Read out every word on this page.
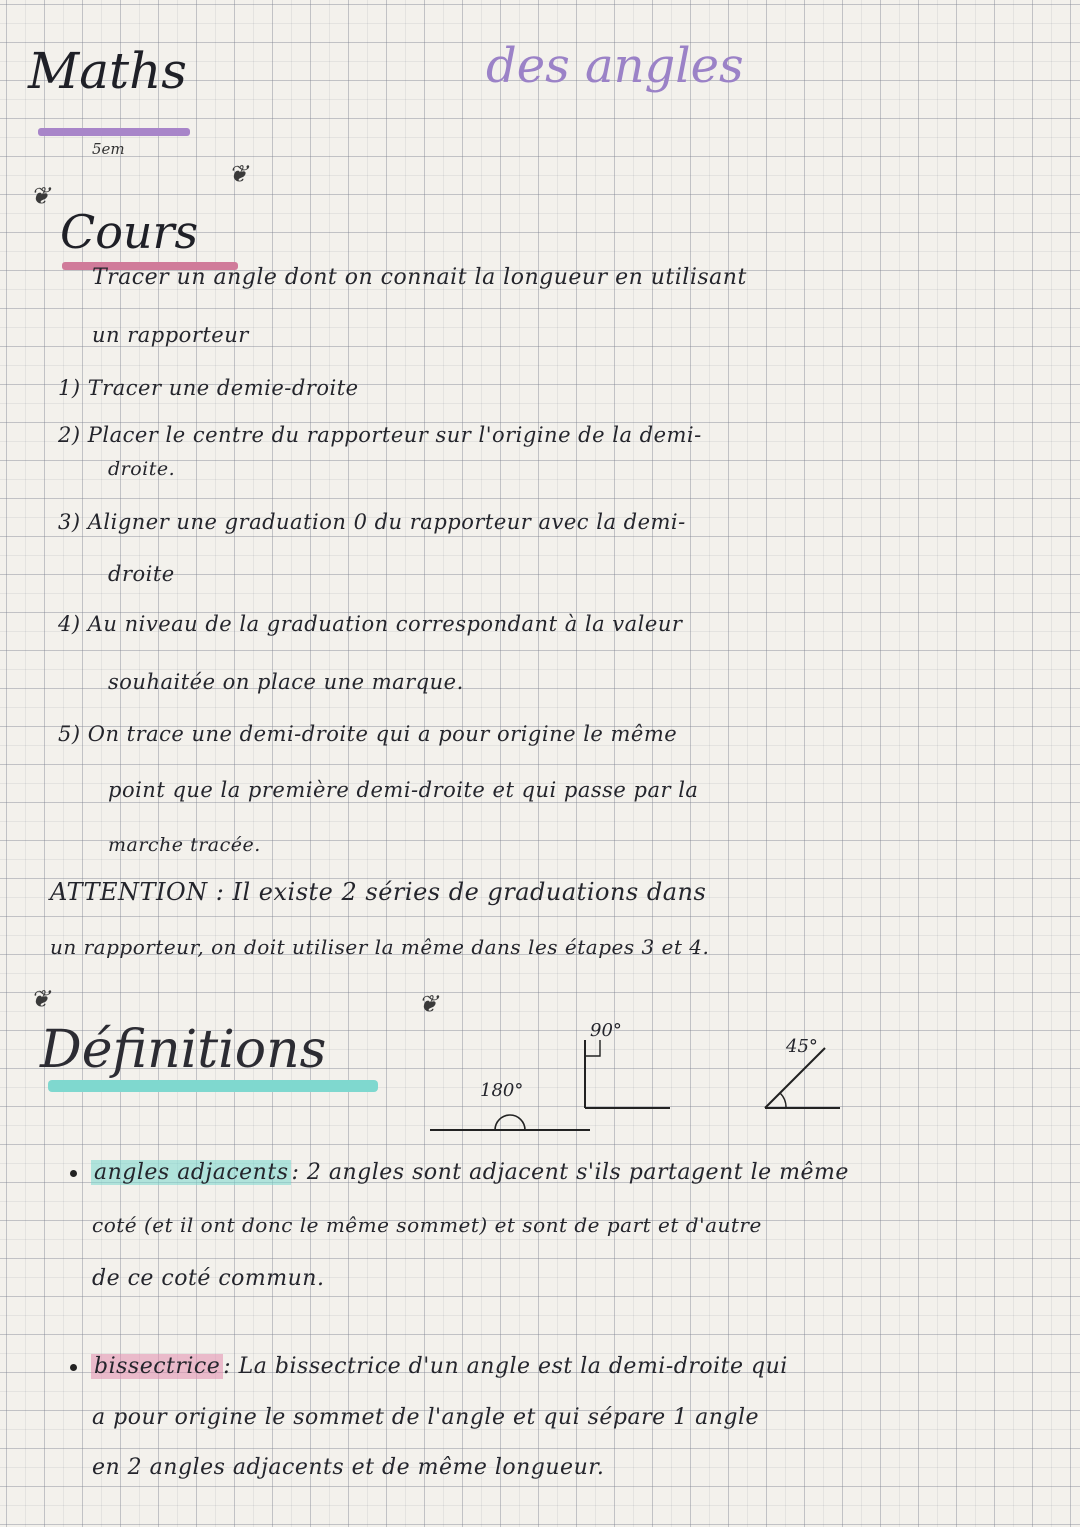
Maths
5em
des angles
❦
❦
Cours
Tracer un angle dont on connait la longueur en utilisant
un rapporteur
1) Tracer une demie-droite
2) Placer le centre du rapporteur sur l'origine de la demi-
droite.
3) Aligner une graduation 0 du rapporteur avec la demi-
droite
4) Au niveau de la graduation correspondant à la valeur
souhaitée on place une marque.
5) On trace une demi-droite qui a pour origine le même
point que la première demi-droite et qui passe par la
marche tracée.
ATTENTION : Il existe 2 séries de graduations dans
un rapporteur, on doit utiliser la même dans les étapes 3 et 4.
❦	❦
Définitions
180°
90°
45°
angles adjacents : 2 angles sont adjacent s'ils partagent le même
coté (et il ont donc le même sommet) et sont de part et d'autre
de ce coté commun.
bissectrice : La bissectrice d'un angle est la demi-droite qui
a pour origine le sommet de l'angle et qui sépare 1 angle
en 2 angles adjacents et de même longueur.
